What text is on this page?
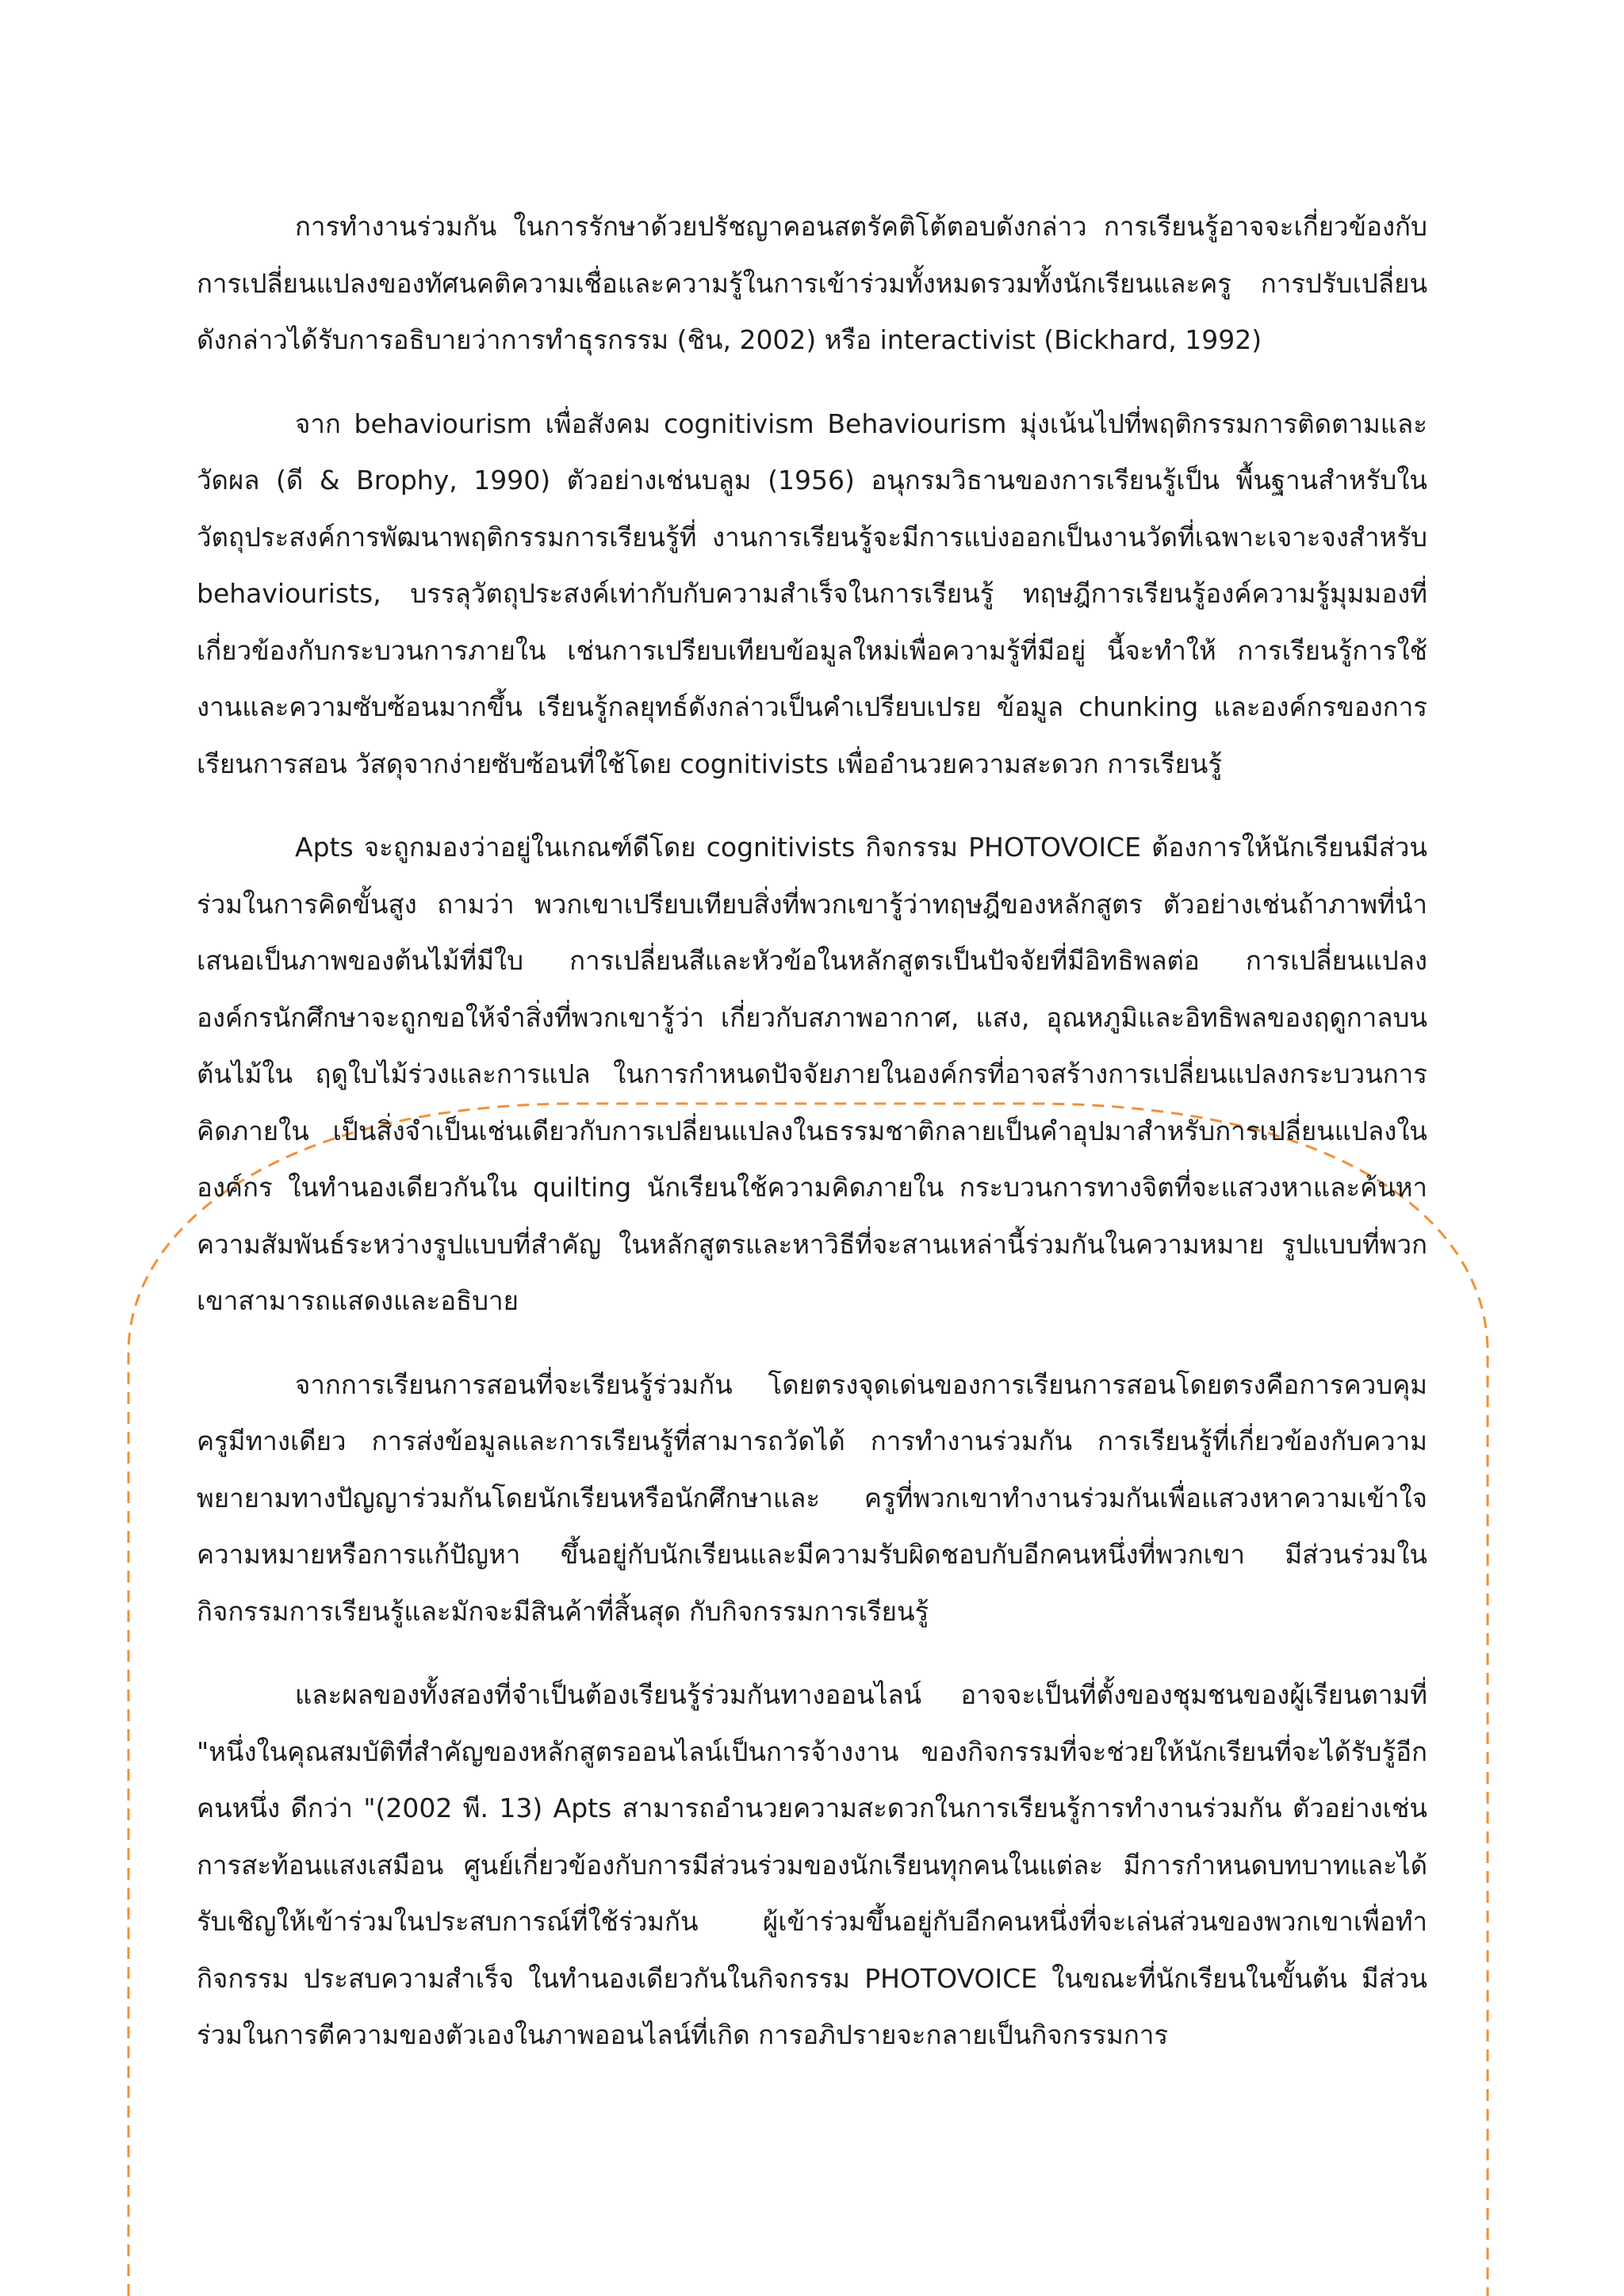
การทำงานร่วมกัน ในการรักษาด้วยปรัชญาคอนสตรัคติโต้ตอบดังกล่าว การเรียนรู้อาจจะเกี่ยวข้องกับการเปลี่ยนแปลงของทัศนคติความเชื่อและความรู้ในการเข้าร่วมทั้งหมดรวมทั้งนักเรียนและครู การปรับเปลี่ยนดังกล่าวได้รับการอธิบายว่าการทำธุรกรรม (ชิน, 2002) หรือ interactivist (Bickhard, 1992)

จาก behaviourism เพื่อสังคม cognitivism Behaviourism มุ่งเน้นไปที่พฤติกรรมการติดตามและวัดผล (ดี & Brophy, 1990) ตัวอย่างเช่นบลูม (1956) อนุกรมวิธานของการเรียนรู้เป็น พื้นฐานสำหรับในวัตถุประสงค์การพัฒนาพฤติกรรมการเรียนรู้ที่ งานการเรียนรู้จะมีการแบ่งออกเป็นงานวัดที่เฉพาะเจาะจงสำหรับ behaviourists, บรรลุวัตถุประสงค์เท่ากับกับความสำเร็จในการเรียนรู้ ทฤษฎีการเรียนรู้องค์ความรู้มุมมองที่เกี่ยวข้องกับกระบวนการภายใน เช่นการเปรียบเทียบข้อมูลใหม่เพื่อความรู้ที่มีอยู่ นี้จะทำให้ การเรียนรู้การใช้งานและความซับซ้อนมากขึ้น เรียนรู้กลยุทธ์ดังกล่าวเป็นคำเปรียบเปรย ข้อมูล chunking และองค์กรของการเรียนการสอน วัสดุจากง่ายซับซ้อนที่ใช้โดย cognitivists เพื่ออำนวยความสะดวก การเรียนรู้

Apts จะถูกมองว่าอยู่ในเกณฑ์ดีโดย cognitivists กิจกรรม PHOTOVOICE ต้องการให้นักเรียนมีส่วนร่วมในการคิดขั้นสูง ถามว่า พวกเขาเปรียบเทียบสิ่งที่พวกเขารู้ว่าทฤษฎีของหลักสูตร ตัวอย่างเช่นถ้าภาพที่นำเสนอเป็นภาพของต้นไม้ที่มีใบ การเปลี่ยนสีและหัวข้อในหลักสูตรเป็นปัจจัยที่มีอิทธิพลต่อ การเปลี่ยนแปลงองค์กรนักศึกษาจะถูกขอให้จำสิ่งที่พวกเขารู้ว่า เกี่ยวกับสภาพอากาศ, แสง, อุณหภูมิและอิทธิพลของฤดูกาลบนต้นไม้ใน ฤดูใบไม้ร่วงและการแปล ในการกำหนดปัจจัยภายในองค์กรที่อาจสร้างการเปลี่ยนแปลงกระบวนการคิดภายใน เป็นสิ่งจำเป็นเช่นเดียวกับการเปลี่ยนแปลงในธรรมชาติกลายเป็นคำอุปมาสำหรับการเปลี่ยนแปลงใน องค์กร ในทำนองเดียวกันใน quilting นักเรียนใช้ความคิดภายใน กระบวนการทางจิตที่จะแสวงหาและค้นหาความสัมพันธ์ระหว่างรูปแบบที่สำคัญ ในหลักสูตรและหาวิธีที่จะสานเหล่านี้ร่วมกันในความหมาย รูปแบบที่พวกเขาสามารถแสดงและอธิบาย

จากการเรียนการสอนที่จะเรียนรู้ร่วมกัน โดยตรงจุดเด่นของการเรียนการสอนโดยตรงคือการควบคุมครูมีทางเดียว การส่งข้อมูลและการเรียนรู้ที่สามารถวัดได้ การทำงานร่วมกัน การเรียนรู้ที่เกี่ยวข้องกับความพยายามทางปัญญาร่วมกันโดยนักเรียนหรือนักศึกษาและ ครูที่พวกเขาทำงานร่วมกันเพื่อแสวงหาความเข้าใจความหมายหรือการแก้ปัญหา ขึ้นอยู่กับนักเรียนและมีความรับผิดชอบกับอีกคนหนึ่งที่พวกเขา มีส่วนร่วมในกิจกรรมการเรียนรู้และมักจะมีสินค้าที่สิ้นสุด กับกิจกรรมการเรียนรู้

และผลของทั้งสองที่จำเป็นต้องเรียนรู้ร่วมกันทางออนไลน์ อาจจะเป็นที่ตั้งของชุมชนของผู้เรียนตามที่ "หนึ่งในคุณสมบัติที่สำคัญของหลักสูตรออนไลน์เป็นการจ้างงาน ของกิจกรรมที่จะช่วยให้นักเรียนที่จะได้รับรู้อีกคนหนึ่ง ดีกว่า "(2002 พี. 13) Apts สามารถอำนวยความสะดวกในการเรียนรู้การทำงานร่วมกัน ตัวอย่างเช่นการสะท้อนแสงเสมือน ศูนย์เกี่ยวข้องกับการมีส่วนร่วมของนักเรียนทุกคนในแต่ละ มีการกำหนดบทบาทและได้รับเชิญให้เข้าร่วมในประสบการณ์ที่ใช้ร่วมกัน ผู้เข้าร่วมขึ้นอยู่กับอีกคนหนึ่งที่จะเล่นส่วนของพวกเขาเพื่อทำกิจกรรม ประสบความสำเร็จ ในทำนองเดียวกันในกิจกรรม PHOTOVOICE ในขณะที่นักเรียนในขั้นต้น มีส่วนร่วมในการตีความของตัวเองในภาพออนไลน์ที่เกิด การอภิปรายจะกลายเป็นกิจกรรมการ
